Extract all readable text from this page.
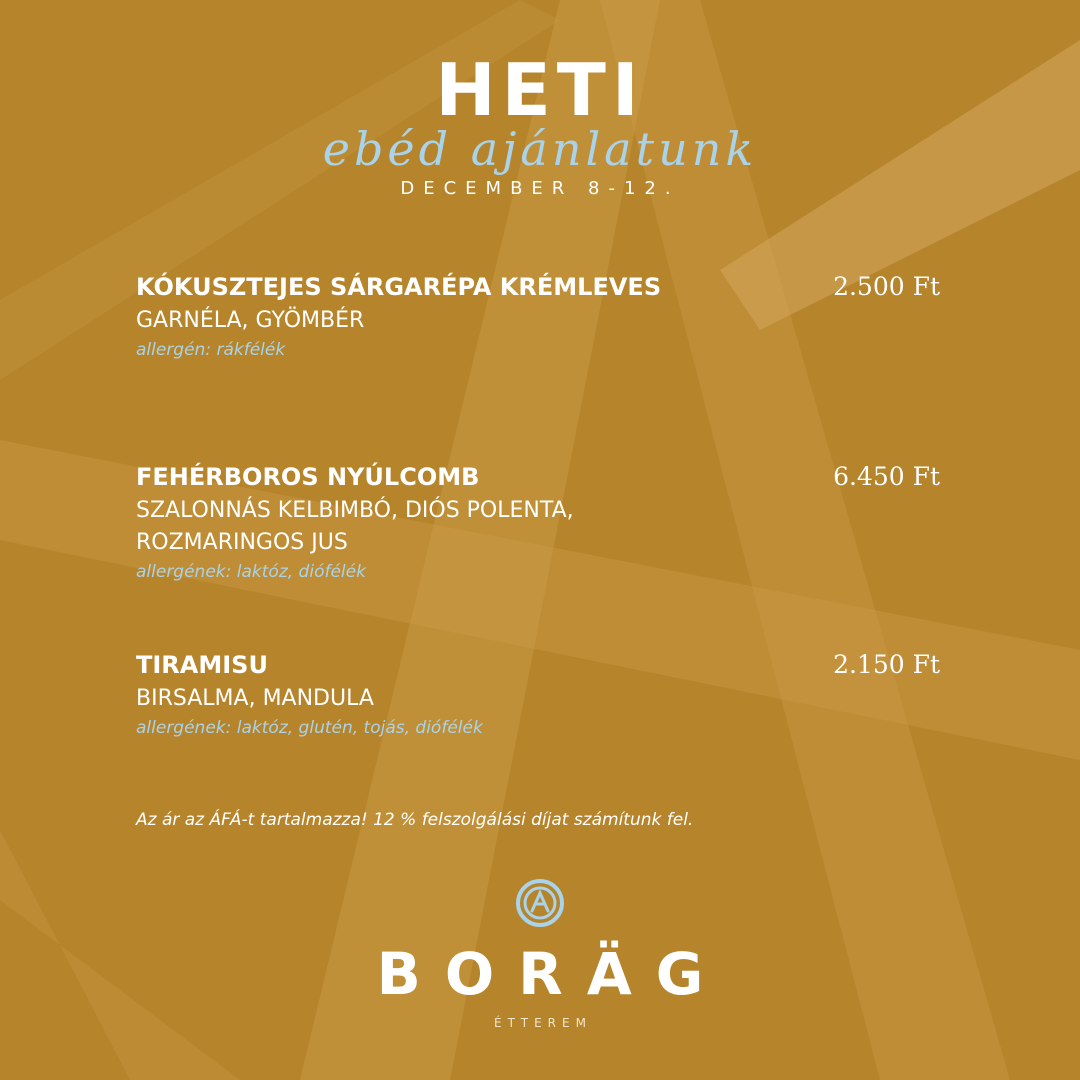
HETI
ebéd ajánlatunk
DECEMBER 8-12.
KÓKUSZTEJES SÁRGARÉPA KRÉMLEVES
GARNÉLA, GYÖMBÉR
allergén: rákfélék
2.500 Ft
FEHÉRBOROS NYÚLCOMB
SZALONNÁS KELBIMBÓ, DIÓS POLENTA, ROZMARINGOS JUS
allergének: laktóz, diófélék
6.450 Ft
TIRAMISU
BIRSALMA, MANDULA
allergének: laktóz, glutén, tojás, diófélék
2.150 Ft
Az ár az ÁFÁ-t tartalmazza! 12 % felszolgálási díjat számítunk fel.
BORÄG
ÉTTEREM
